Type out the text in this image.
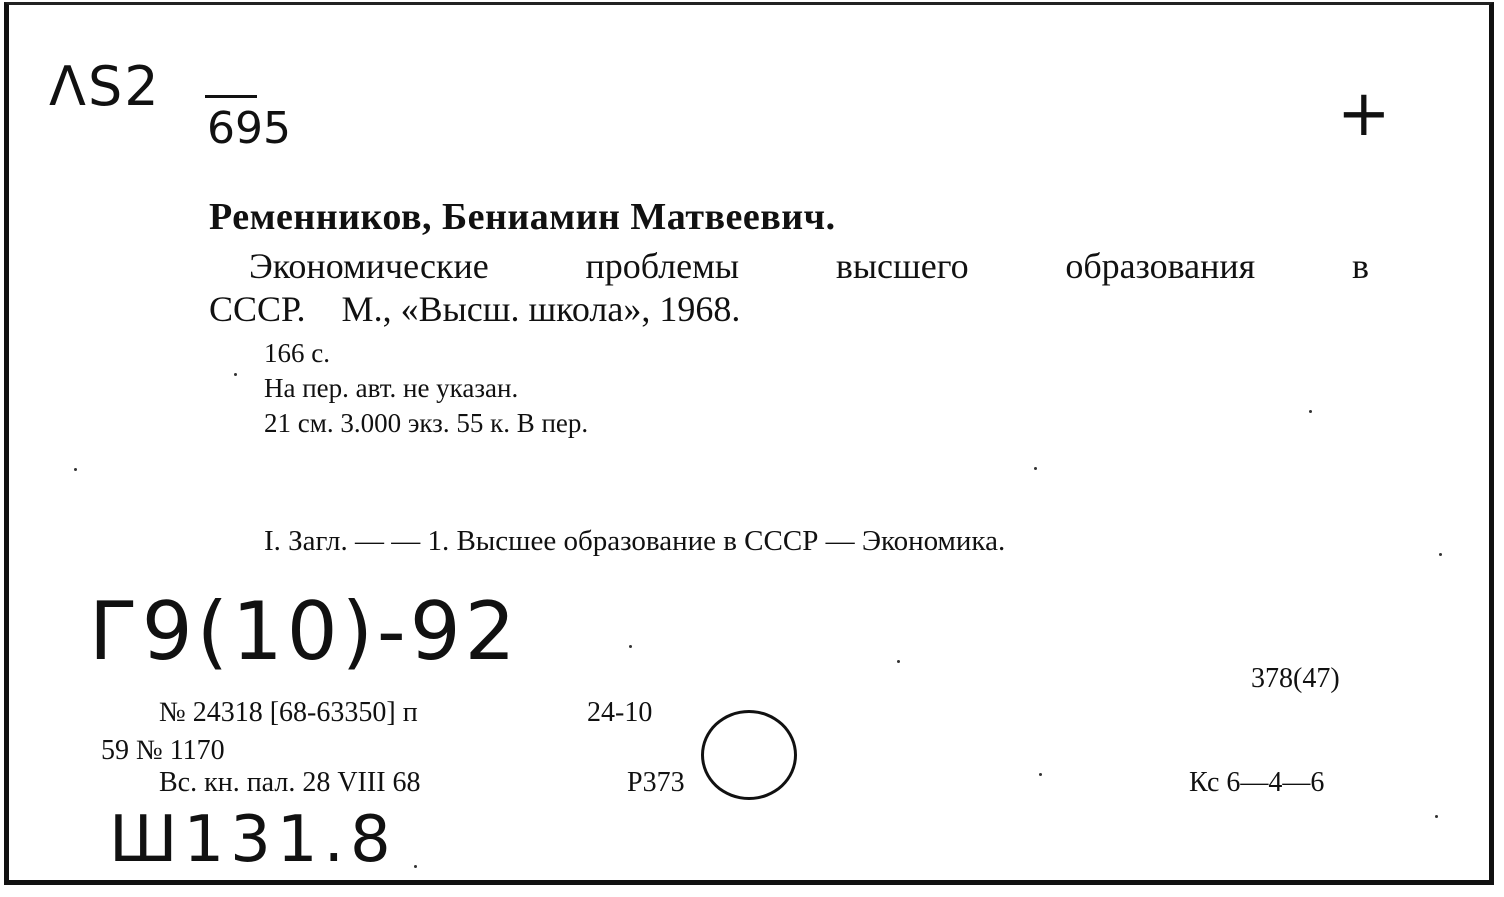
ΛS2
695	+
Ременников, Бениамин Матвеевич.
Экономические	проблемы	высшего	образования	в
СССР.    М., «Высш. школа», 1968.
166 с.
На пер. авт. не указан.
21 см. 3.000 экз. 55 к. В пер.
I. Загл. — — 1. Высшее образование в СССР — Экономика.
Г9(10)-92
378(47)
№ 24318 [68-63350] п	24-10
59 № 1170
Вс. кн. пал. 28 VIII 68	Р373	Кс 6—4—6
Ш131.8
